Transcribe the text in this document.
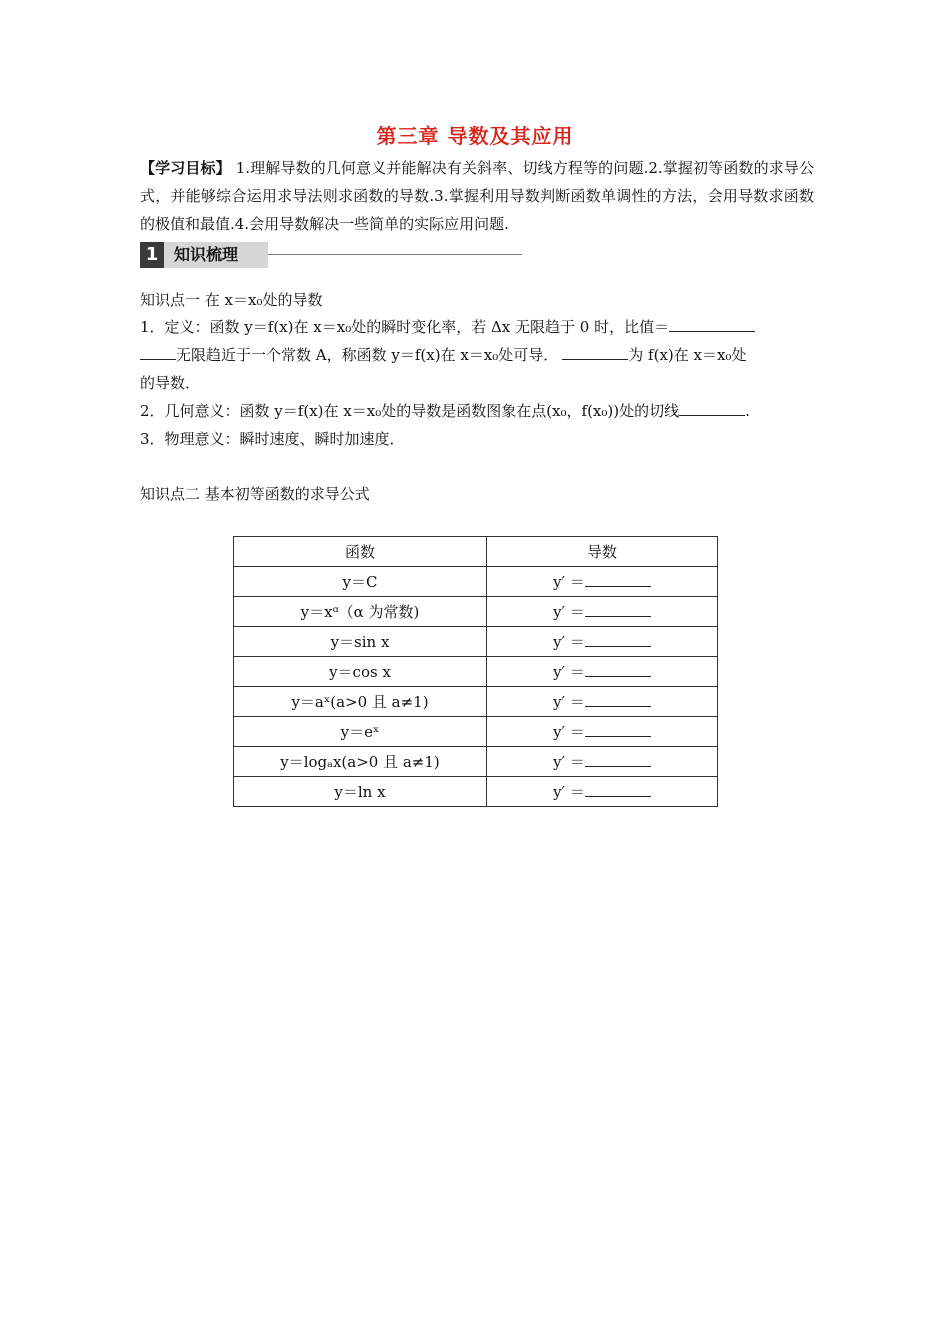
第三章 导数及其应用
【学习目标】 1.理解导数的几何意义并能解决有关斜率、切线方程等的问题.2.掌握初等函数的求导公式，并能够综合运用求导法则求函数的导数.3.掌握利用导数判断函数单调性的方法，会用导数求函数的极值和最值.4.会用导数解决一些简单的实际应用问题.
1 知识梳理
知识点一 在 x＝x₀处的导数
1．定义：函数 y＝f(x)在 x＝x₀处的瞬时变化率，若 Δx 无限趋于 0 时，比值＝
无限趋近于一个常数 A，称函数 y＝f(x)在 x＝x₀处可导．	为 f(x)在 x＝x₀处
的导数．
2．几何意义：函数 y＝f(x)在 x＝x₀处的导数是函数图象在点(x₀，f(x₀))处的切线	.
3．物理意义：瞬时速度、瞬时加速度．
知识点二 基本初等函数的求导公式
函数	导数
y＝C	y′ ＝
y＝xᵅ（α 为常数)	y′ ＝
y＝sin x	y′ ＝
y＝cos x	y′ ＝
y＝aˣ(a>0 且 a≠1)	y′ ＝
y＝eˣ	y′ ＝
y＝logₐx(a>0 且 a≠1)	y′ ＝
y＝ln x	y′ ＝
